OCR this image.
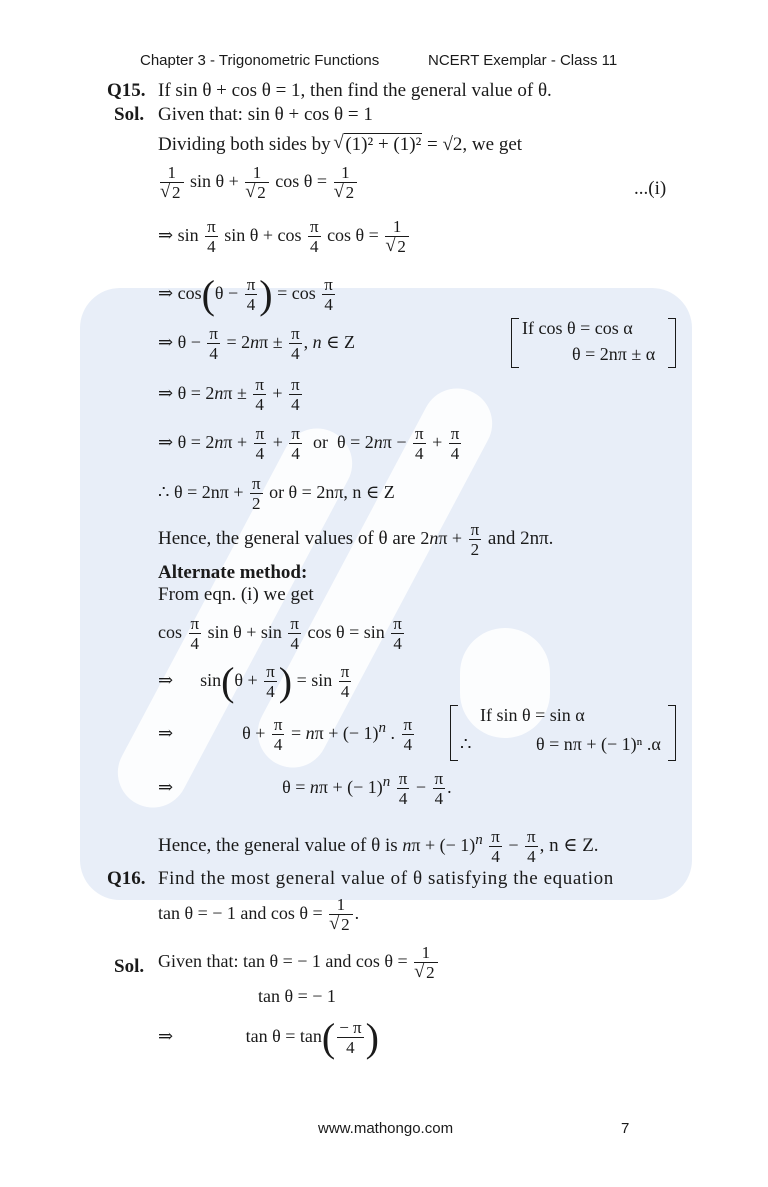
Chapter 3 - Trigonometric Functions	NCERT Exemplar - Class 11
Q15. If sin θ + cos θ = 1, then find the general value of θ.
Sol. Given that: sin θ + cos θ = 1
Dividing both sides by √ (1)² + (1)² = √2, we get
1
√ 2 sin θ + 1
√ 2 cos θ = 1
√ 2	...(i)
⇒ $\sin \frac{\pi}{4}$ $\sin \theta + \cos \frac{\pi}{4}$ cos θ = 1
√ 2
⇒ $\cos(\theta - \frac{\pi}{4}$ ) = $\cos \frac{\pi}{4}$
⇒ $\theta - \frac{\pi}{4} = 2n\pi \pm \frac{\pi}{4}$ , n ∈ Z
If cos θ = cos α
θ = 2nπ ± α
⇒ $\theta = 2n\pi \pm \frac{\pi}{4} + \frac{\pi}{4}$
⇒ $\theta = 2n\pi + \frac{\pi}{4} + \frac{\pi}{4}$ or  $\theta = 2n\pi - \frac{\pi}{4} + \frac{\pi}{4}$
∴ $\theta = 2n\pi + \frac{\pi}{2}$ or θ = 2nπ, n ∈ Z
Hence, the general values of θ are $2n\pi + \frac{\pi}{2}$ and 2nπ.
Alternate method:
From eqn. (i) we get
$\cos \frac{\pi}{4}$ $\sin \theta + \sin \frac{\pi}{4}$ $\cos \theta = \sin \frac{\pi}{4}$
⇒      $\sin(\theta + \frac{\pi}{4}$ ) = $\sin \frac{\pi}{4}$
⇒	$\theta + \frac{\pi}{4} = n\pi$ + (− 1)$^n$ . $\frac{\pi}{4}$
If sin θ = sin α
∴	θ = nπ + (− 1)ⁿ .α
⇒	θ = nπ + (− $1)^n \frac{\pi}{4} - \frac{\pi}{4}$ .
Hence, the general value of θ is nπ + (− $1)^n \frac{\pi}{4} - \frac{\pi}{4}$ , n ∈ Z.
Q16. Find the most general value of θ satisfying the equation
tan θ = − 1 and cos θ = 1
√ 2 .
Sol. Given that: tan θ = − 1 and cos θ = 1
√ 2
tan θ = − 1
⇒	$\tan \theta = \tan( \frac{- \pi}{4}$ )
www.mathongo.com	7
